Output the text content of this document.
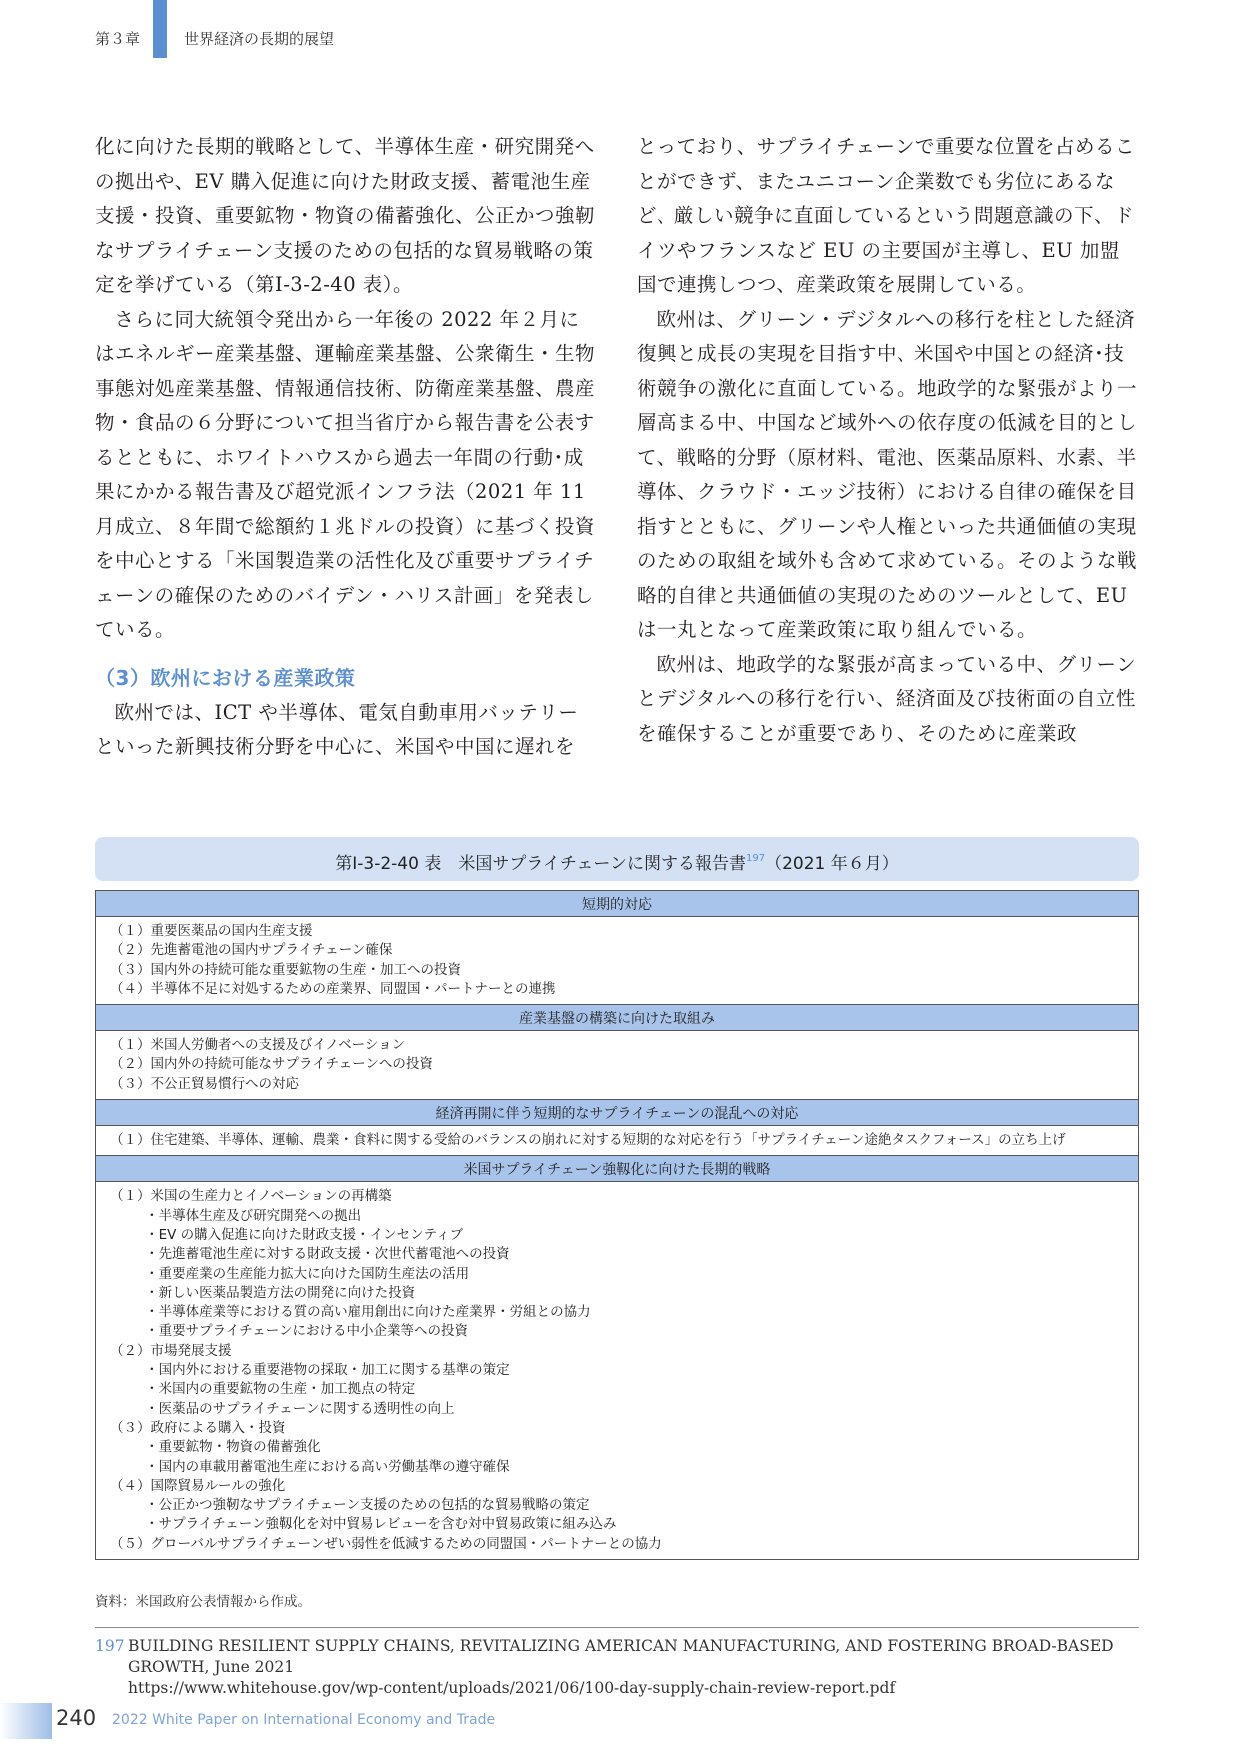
第３章	世界経済の長期的展望

化に向けた長期的戦略として、半導体生産・研究開発への拠出や、EV 購入促進に向けた財政支援、蓄電池生産支援・投資、重要鉱物・物資の備蓄強化、公正かつ強靭なサプライチェーン支援のための包括的な貿易戦略の策定を挙げている（第Ⅰ-3-2-40 表）。

さらに同大統領令発出から一年後の 2022 年２月にはエネルギー産業基盤、運輸産業基盤、公衆衛生・生物事態対処産業基盤、情報通信技術、防衛産業基盤、農産物・食品の６分野について担当省庁から報告書を公表するとともに、ホワイトハウスから過去一年間の行動･成果にかかる報告書及び超党派インフラ法（2021 年 11 月成立、８年間で総額約１兆ドルの投資）に基づく投資を中心とする「米国製造業の活性化及び重要サプライチェーンの確保のためのバイデン・ハリス計画」を発表している。

（3）欧州における産業政策

欧州では、ICT や半導体、電気自動車用バッテリーといった新興技術分野を中心に、米国や中国に遅れを

とっており、サプライチェーンで重要な位置を占めることができず、またユニコーン企業数でも劣位にあるなど､ 厳しい競争に直面しているという問題意識の下、ドイツやフランスなど EU の主要国が主導し、EU 加盟国で連携しつつ、産業政策を展開している。

欧州は、グリーン・デジタルへの移行を柱とした経済復興と成長の実現を目指す中､ 米国や中国との経済･技術競争の激化に直面している。地政学的な緊張がより一層高まる中、中国など域外への依存度の低減を目的として、戦略的分野（原材料、電池、医薬品原料、水素、半導体、クラウド・エッジ技術）における自律の確保を目指すとともに、グリーンや人権といった共通価値の実現のための取組を域外も含めて求めている。そのような戦略的自律と共通価値の実現のためのツールとして、EU は一丸となって産業政策に取り組んでいる。

欧州は、地政学的な緊張が高まっている中、グリーンとデジタルへの移行を行い、経済面及び技術面の自立性を確保することが重要であり、そのために産業政

第Ⅰ-3-2-40 表　米国サプライチェーンに関する報告書$^{197}$（2021 年６月）
短期的対応

（１）重要医薬品の国内生産支援
（２）先進蓄電池の国内サプライチェーン確保
（３）国内外の持続可能な重要鉱物の生産・加工への投資
（４）半導体不足に対処するための産業界、同盟国・パートナーとの連携

産業基盤の構築に向けた取組み

（１）米国人労働者への支援及びイノベーション
（２）国内外の持続可能なサプライチェーンへの投資
（３）不公正貿易慣行への対応

経済再開に伴う短期的なサプライチェーンの混乱への対応

（１）住宅建築、半導体、運輸、農業・食料に関する受給のバランスの崩れに対する短期的な対応を行う「サプライチェーン途絶タスクフォース」の立ち上げ

米国サプライチェーン強靱化に向けた長期的戦略

（１）米国の生産力とイノベーションの再構築
・半導体生産及び研究開発への拠出
・EV の購入促進に向けた財政支援・インセンティブ
・先進蓄電池生産に対する財政支援・次世代蓄電池への投資
・重要産業の生産能力拡大に向けた国防生産法の活用
・新しい医薬品製造方法の開発に向けた投資
・半導体産業等における質の高い雇用創出に向けた産業界・労組との協力
・重要サプライチェーンにおける中小企業等への投資
（２）市場発展支援
・国内外における重要港物の採取・加工に関する基準の策定
・米国内の重要鉱物の生産・加工拠点の特定
・医薬品のサプライチェーンに関する透明性の向上
（３）政府による購入・投資
・重要鉱物・物資の備蓄強化
・国内の車載用蓄電池生産における高い労働基準の遵守確保
（４）国際貿易ルールの強化
・公正かつ強靭なサプライチェーン支援のための包括的な貿易戦略の策定
・サプライチェーン強靱化を対中貿易レビューを含む対中貿易政策に組み込み
（５）グローバルサプライチェーンぜい弱性を低減するための同盟国・パートナーとの協力
資料：米国政府公表情報から作成。
197 BUILDING RESILIENT SUPPLY CHAINS, REVITALIZING AMERICAN MANUFACTURING, AND FOSTERING BROAD-BASED GROWTH, June 2021
https://www.whitehouse.gov/wp-content/uploads/2021/06/100-day-supply-chain-review-report.pdf
240 2022 White Paper on International Economy and Trade
